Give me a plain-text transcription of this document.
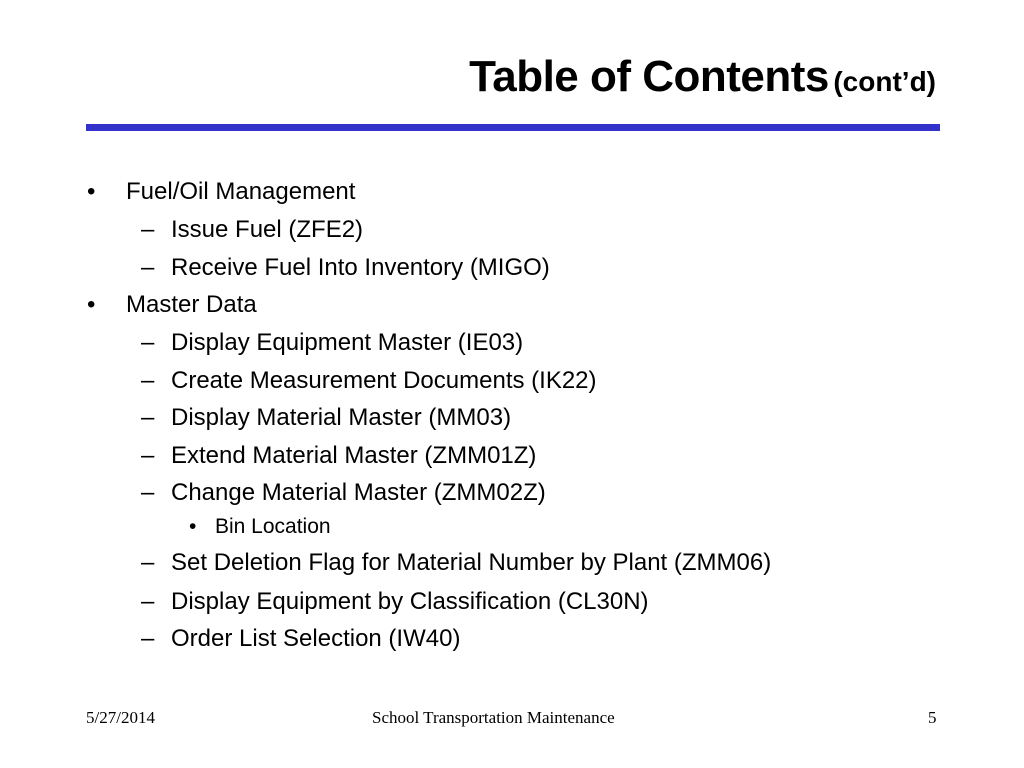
Table of Contents (cont’d)
• Fuel/Oil Management
– Issue Fuel (ZFE2)
– Receive Fuel Into Inventory (MIGO)
• Master Data
– Display Equipment Master (IE03)
– Create Measurement Documents (IK22)
– Display Material Master (MM03)
– Extend Material Master (ZMM01Z)
– Change Material Master (ZMM02Z)
• Bin Location
– Set Deletion Flag for Material Number by Plant (ZMM06)
– Display Equipment by Classification (CL30N)
– Order List Selection (IW40)
5/27/2014	School Transportation Maintenance	5
